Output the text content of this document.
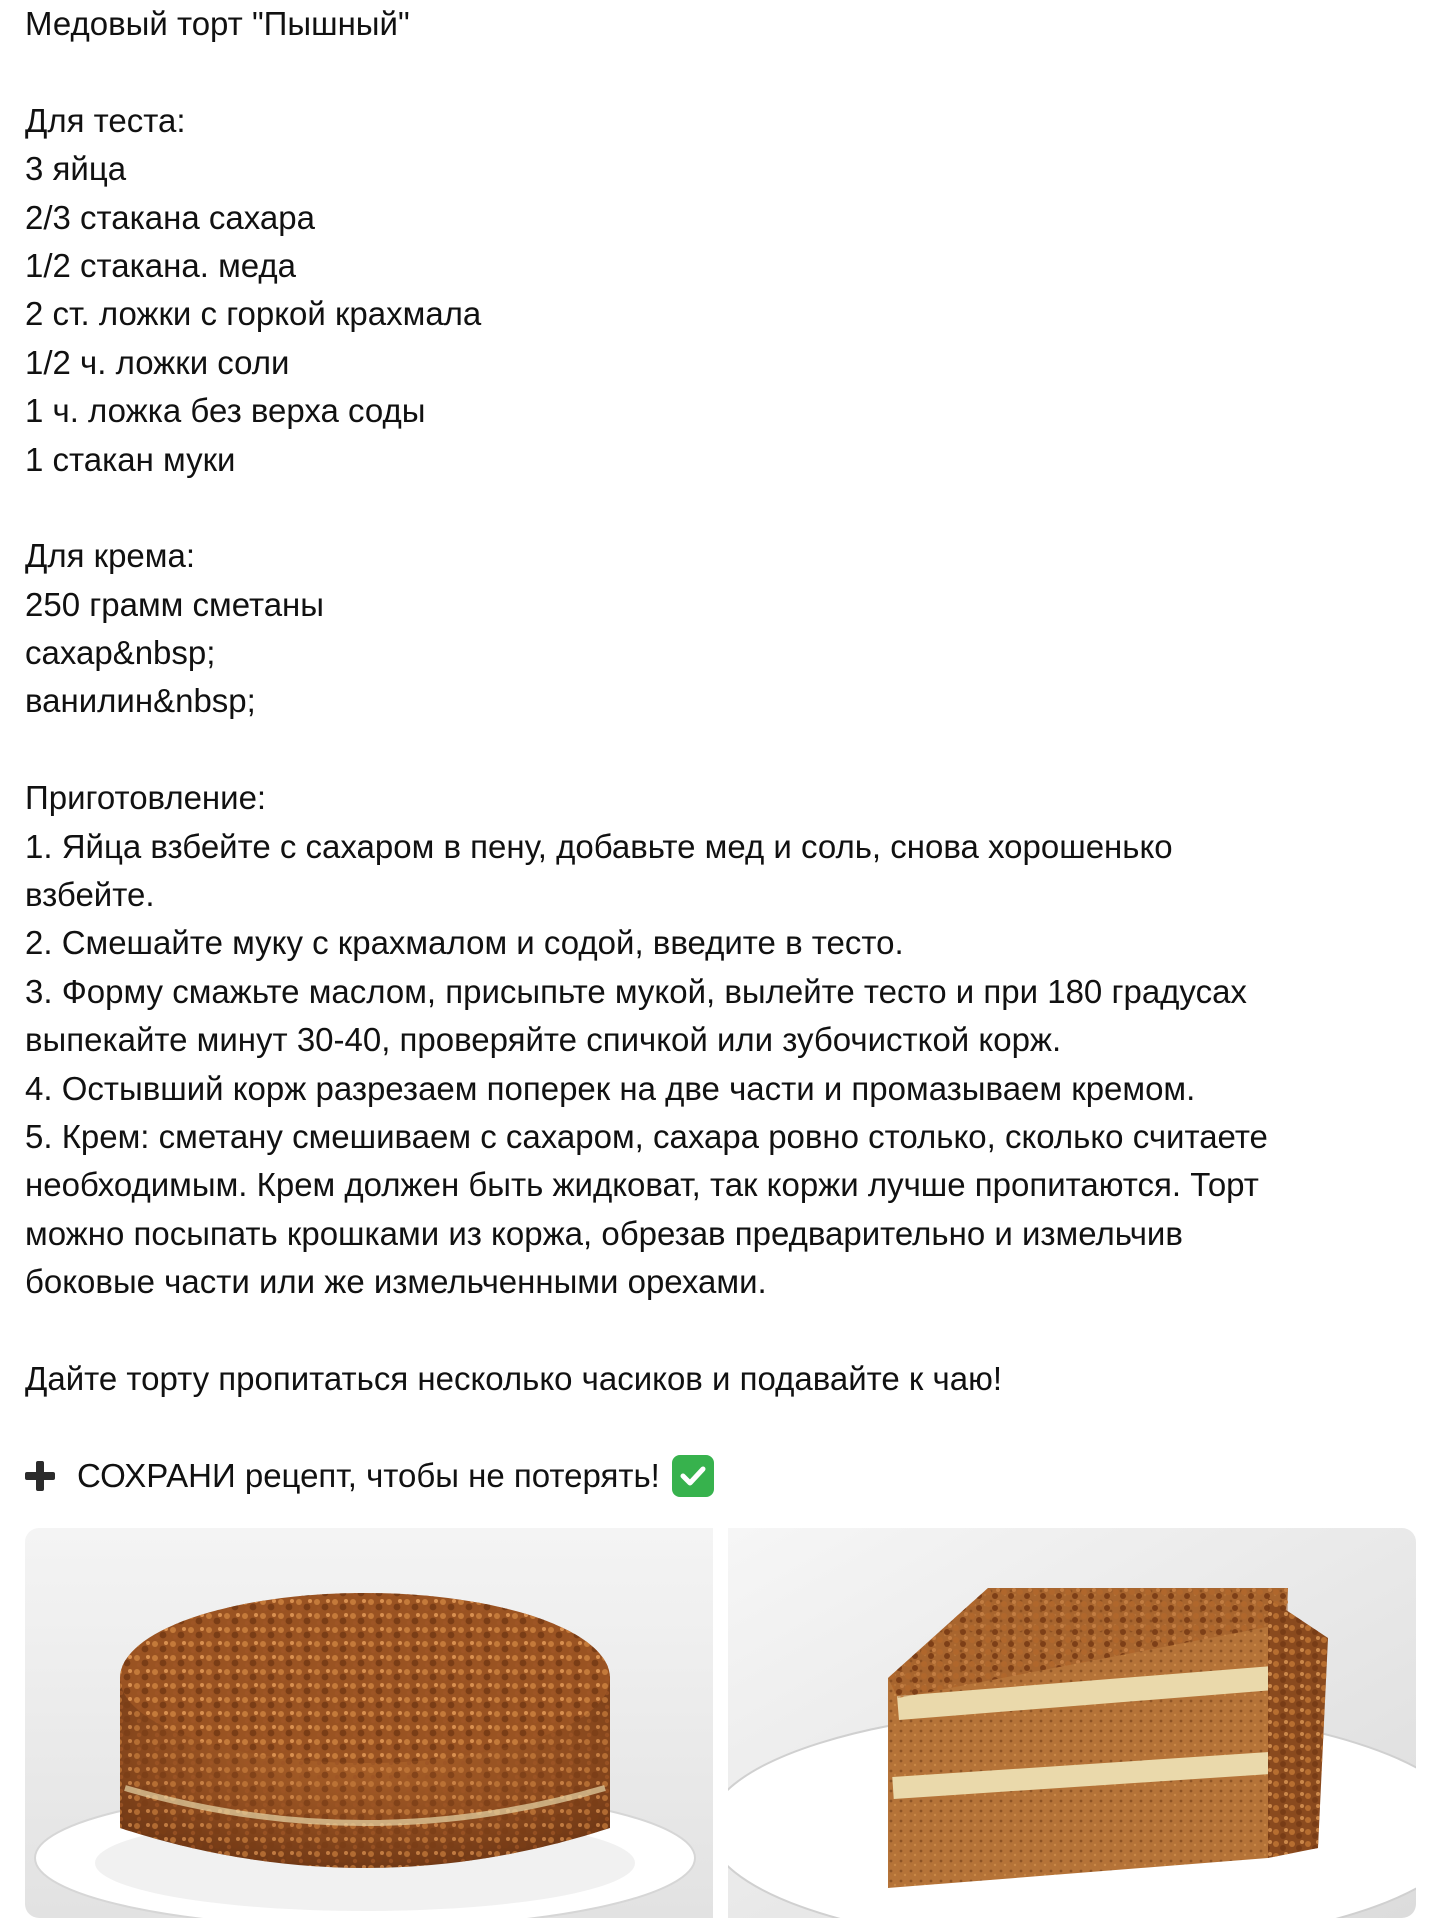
Медовый торт "Пышный"
Для теста:
3 яйца
2/3 стакана сахара
1/2 стакана. меда
2 ст. ложки с горкой крахмала
1/2 ч. ложки соли
1 ч. ложка без верха соды
1 стакан муки
Для крема:
250 грамм сметаны
сахар&nbsp;
ванилин&nbsp;
Приготовление:
1. Яйца взбейте с сахаром в пену, добавьте мед и соль, снова хорошенько
взбейте.
2. Смешайте муку с крахмалом и содой, введите в тесто.
3. Форму смажьте маслом, присыпьте мукой, вылейте тесто и при 180 градусах
выпекайте минут 30-40, проверяйте спичкой или зубочисткой корж.
4. Остывший корж разрезаем поперек на две части и промазываем кремом.
5. Крем: сметану смешиваем с сахаром, сахара ровно столько, сколько считаете
необходимым. Крем должен быть жидковат, так коржи лучше пропитаются. Торт
можно посыпать крошками из коржа, обрезав предварительно и измельчив
боковые части или же измельченными орехами.
Дайте торту пропитаться несколько часиков и подавайте к чаю!
СОХРАНИ рецепт, чтобы не потерять!
